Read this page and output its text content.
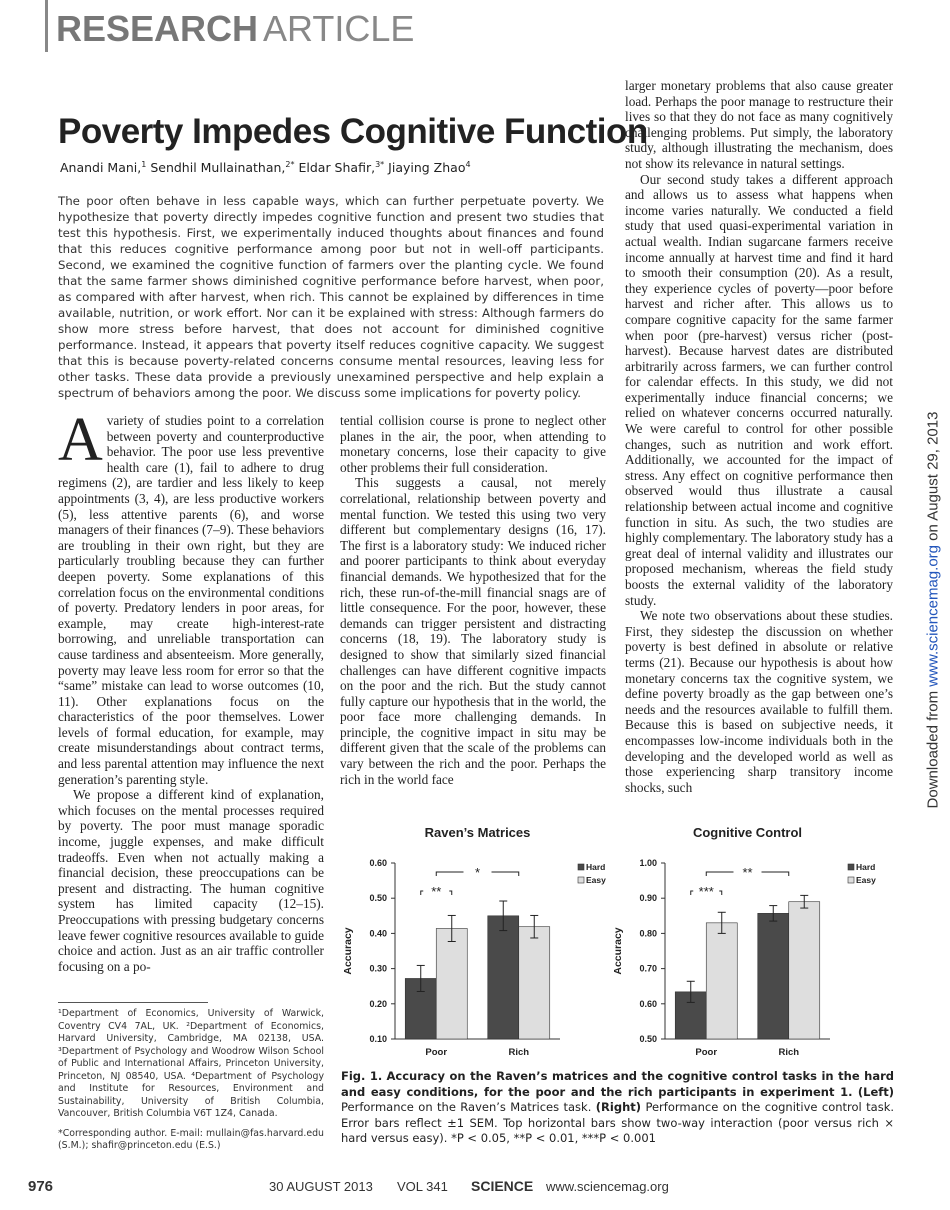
RESEARCH ARTICLE
Poverty Impedes Cognitive Function
Anandi Mani,$^1$ Sendhil Mullainathan,$^{2*}$ Eldar Shafir,$^{3*}$ Jiaying Zhao$^4$
The poor often behave in less capable ways, which can further perpetuate poverty. We hypothesize that poverty directly impedes cognitive function and present two studies that test this hypothesis. First, we experimentally induced thoughts about finances and found that this reduces cognitive performance among poor but not in well-off participants. Second, we examined the cognitive function of farmers over the planting cycle. We found that the same farmer shows diminished cognitive performance before harvest, when poor, as compared with after harvest, when rich. This cannot be explained by differences in time available, nutrition, or work effort. Nor can it be explained with stress: Although farmers do show more stress before harvest, that does not account for diminished cognitive performance. Instead, it appears that poverty itself reduces cognitive capacity. We suggest that this is because poverty-related concerns consume mental resources, leaving less for other tasks. These data provide a previously unexamined perspective and help explain a spectrum of behaviors among the poor. We discuss some implications for poverty policy.

Avariety of studies point to a correlation between poverty and counterproductive behavior. The poor use less preventive health care (1), fail to adhere to drug regimens (2), are tardier and less likely to keep appointments (3, 4), are less productive workers (5), less attentive parents (6), and worse managers of their finances (7–9). These behaviors are troubling in their own right, but they are particularly troubling because they can further deepen poverty. Some explanations of this correlation focus on the environmental conditions of poverty. Predatory lenders in poor areas, for example, may create high-interest-rate borrowing, and unreliable transportation can cause tardiness and absenteeism. More generally, poverty may leave less room for error so that the “same” mistake can lead to worse outcomes (10, 11). Other explanations focus on the characteristics of the poor themselves. Lower levels of formal education, for example, may create misunderstandings about contract terms, and less parental attention may influence the next generation’s parenting style.

We propose a different kind of explanation, which focuses on the mental processes required by poverty. The poor must manage sporadic income, juggle expenses, and make difficult tradeoffs. Even when not actually making a financial decision, these preoccupations can be present and distracting. The human cognitive system has limited capacity (12–15). Preoccupations with pressing budgetary concerns leave fewer cognitive resources available to guide choice and action. Just as an air traffic controller focusing on a po-

tential collision course is prone to neglect other planes in the air, the poor, when attending to monetary concerns, lose their capacity to give other problems their full consideration.

This suggests a causal, not merely correlational, relationship between poverty and mental function. We tested this using two very different but complementary designs (16, 17). The first is a laboratory study: We induced richer and poorer participants to think about everyday financial demands. We hypothesized that for the rich, these run-of-the-mill financial snags are of little consequence. For the poor, however, these demands can trigger persistent and distracting concerns (18, 19). The laboratory study is designed to show that similarly sized financial challenges can have different cognitive impacts on the poor and the rich. But the study cannot fully capture our hypothesis that in the world, the poor face more challenging demands. In principle, the cognitive impact in situ may be different given that the scale of the problems can vary between the rich and the poor. Perhaps the rich in the world face

larger monetary problems that also cause greater load. Perhaps the poor manage to restructure their lives so that they do not face as many cognitively challenging problems. Put simply, the laboratory study, although illustrating the mechanism, does not show its relevance in natural settings.

Our second study takes a different approach and allows us to assess what happens when income varies naturally. We conducted a field study that used quasi-experimental variation in actual wealth. Indian sugarcane farmers receive income annually at harvest time and find it hard to smooth their consumption (20). As a result, they experience cycles of poverty—poor before harvest and richer after. This allows us to compare cognitive capacity for the same farmer when poor (pre-harvest) versus richer (post-harvest). Because harvest dates are distributed arbitrarily across farmers, we can further control for calendar effects. In this study, we did not experimentally induce financial concerns; we relied on whatever concerns occurred naturally. We were careful to control for other possible changes, such as nutrition and work effort. Additionally, we accounted for the impact of stress. Any effect on cognitive performance then observed would thus illustrate a causal relationship between actual income and cognitive function in situ. As such, the two studies are highly complementary. The laboratory study has a great deal of internal validity and illustrates our proposed mechanism, whereas the field study boosts the external validity of the laboratory study.

We note two observations about these studies. First, they sidestep the discussion on whether poverty is best defined in absolute or relative terms (21). Because our hypothesis is about how monetary concerns tax the cognitive system, we define poverty broadly as the gap between one’s needs and the resources available to fulfill them. Because this is based on subjective needs, it encompasses low-income individuals both in the developing and the developed world as well as those experiencing sharp transitory income shocks, such

¹Department of Economics, University of Warwick, Coventry CV4 7AL, UK. ²Department of Economics, Harvard University, Cambridge, MA 02138, USA. ³Department of Psychology and Woodrow Wilson School of Public and International Affairs, Princeton University, Princeton, NJ 08540, USA. ⁴Department of Psychology and Institute for Resources, Environment and Sustainability, University of British Columbia, Vancouver, British Columbia V6T 1Z4, Canada.

*Corresponding author. E-mail: mullain@fas.harvard.edu (S.M.); shafir@princeton.edu (E.S.)

Downloaded from www.sciencemag.org on August 29, 2013
Raven’s Matrices
0.10
0.20
0.30
0.40
0.50
0.60
Accuracy
Poor	Rich
*
**
Hard
Easy
Cognitive Control
0.50
0.60
0.70
0.80
0.90
1.00
Accuracy
Poor	Rich
**
***
Hard
Easy
Fig. 1. Accuracy on the Raven’s matrices and the cognitive control tasks in the hard and easy conditions, for the poor and the rich participants in experiment 1. (Left) Performance on the Raven’s Matrices task. (Right) Performance on the cognitive control task. Error bars reflect ±1 SEM. Top horizontal bars show two-way interaction (poor versus rich × hard versus easy). *P < 0.05, **P < 0.01, ***P < 0.001
976	30 AUGUST 2013 VOL 341 SCIENCE www.sciencemag.org
